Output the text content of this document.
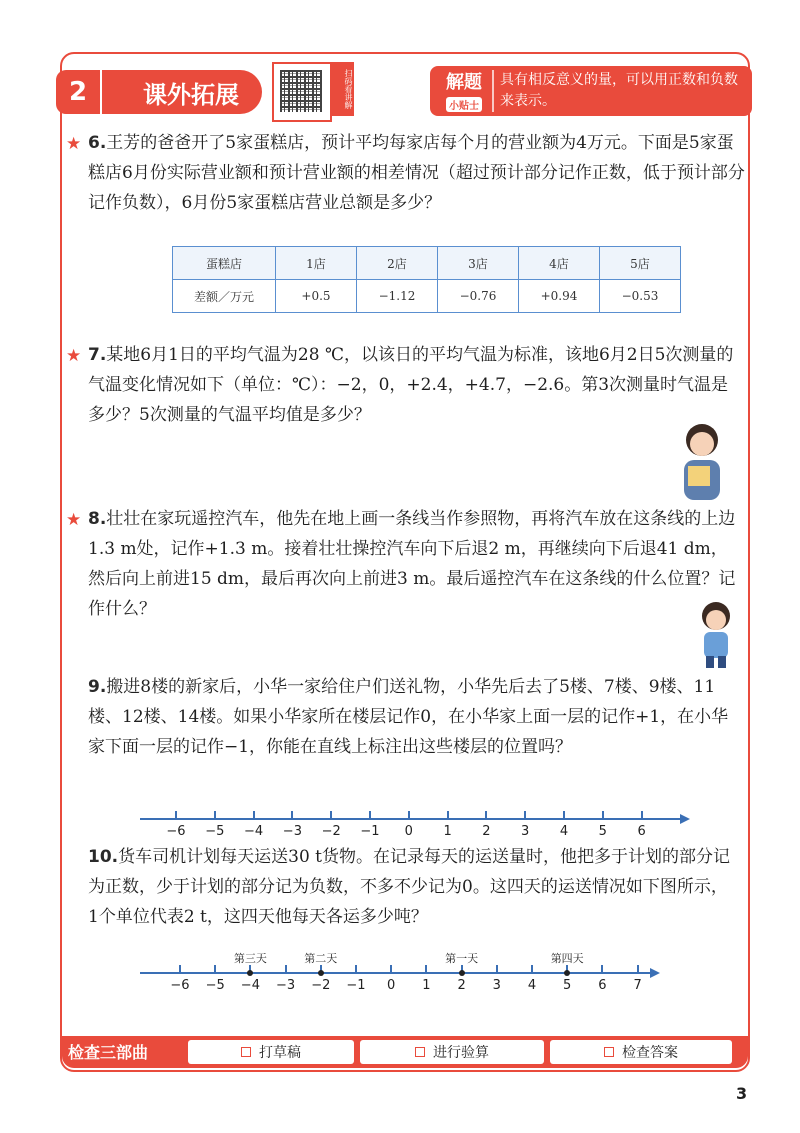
2	课外拓展	扫码看讲解	解题
小贴士
具有相反意义的量，可以用正数和负数来表示。
★ 6.王芳的爸爸开了5家蛋糕店，预计平均每家店每个月的营业额为4万元。下面是5家蛋糕店6月份实际营业额和预计营业额的相差情况（超过预计部分记作正数，低于预计部分记作负数），6月份5家蛋糕店营业总额是多少？
蛋糕店	1店	2店	3店	4店	5店
差额／万元	+0.5	−1.12	−0.76	+0.94	−0.53
★ 7.某地6月1日的平均气温为28 ℃，以该日的平均气温为标准，该地6月2日5次测量的气温变化情况如下（单位：℃）：−2，0，+2.4，+4.7，−2.6。第3次测量时气温是多少？5次测量的气温平均值是多少？
★ 8.壮壮在家玩遥控汽车，他先在地上画一条线当作参照物，再将汽车放在这条线的上边1.3 m处，记作+1.3 m。接着壮壮操控汽车向下后退2 m，再继续向下后退41 dm，然后向上前进15 dm，最后再次向上前进3 m。最后遥控汽车在这条线的什么位置？记作什么？
9.搬进8楼的新家后，小华一家给住户们送礼物，小华先后去了5楼、7楼、9楼、11楼、12楼、14楼。如果小华家所在楼层记作0，在小华家上面一层的记作+1，在小华家下面一层的记作−1，你能在直线上标注出这些楼层的位置吗？
−6	−5	−4	−3	−2	−1	0	1	2	3	4	5	6
10.货车司机计划每天运送30 t货物。在记录每天的运送量时，他把多于计划的部分记为正数，少于计划的部分记为负数，不多不少记为0。这四天的运送情况如下图所示，1个单位代表2 t，这四天他每天各运多少吨？
−6	−5	−4	−3	−2	−1	0	1	2	3	4	5	6	7
第三天	第二天	第一天	第四天
检查三部曲	打草稿	进行验算	检查答案
3
